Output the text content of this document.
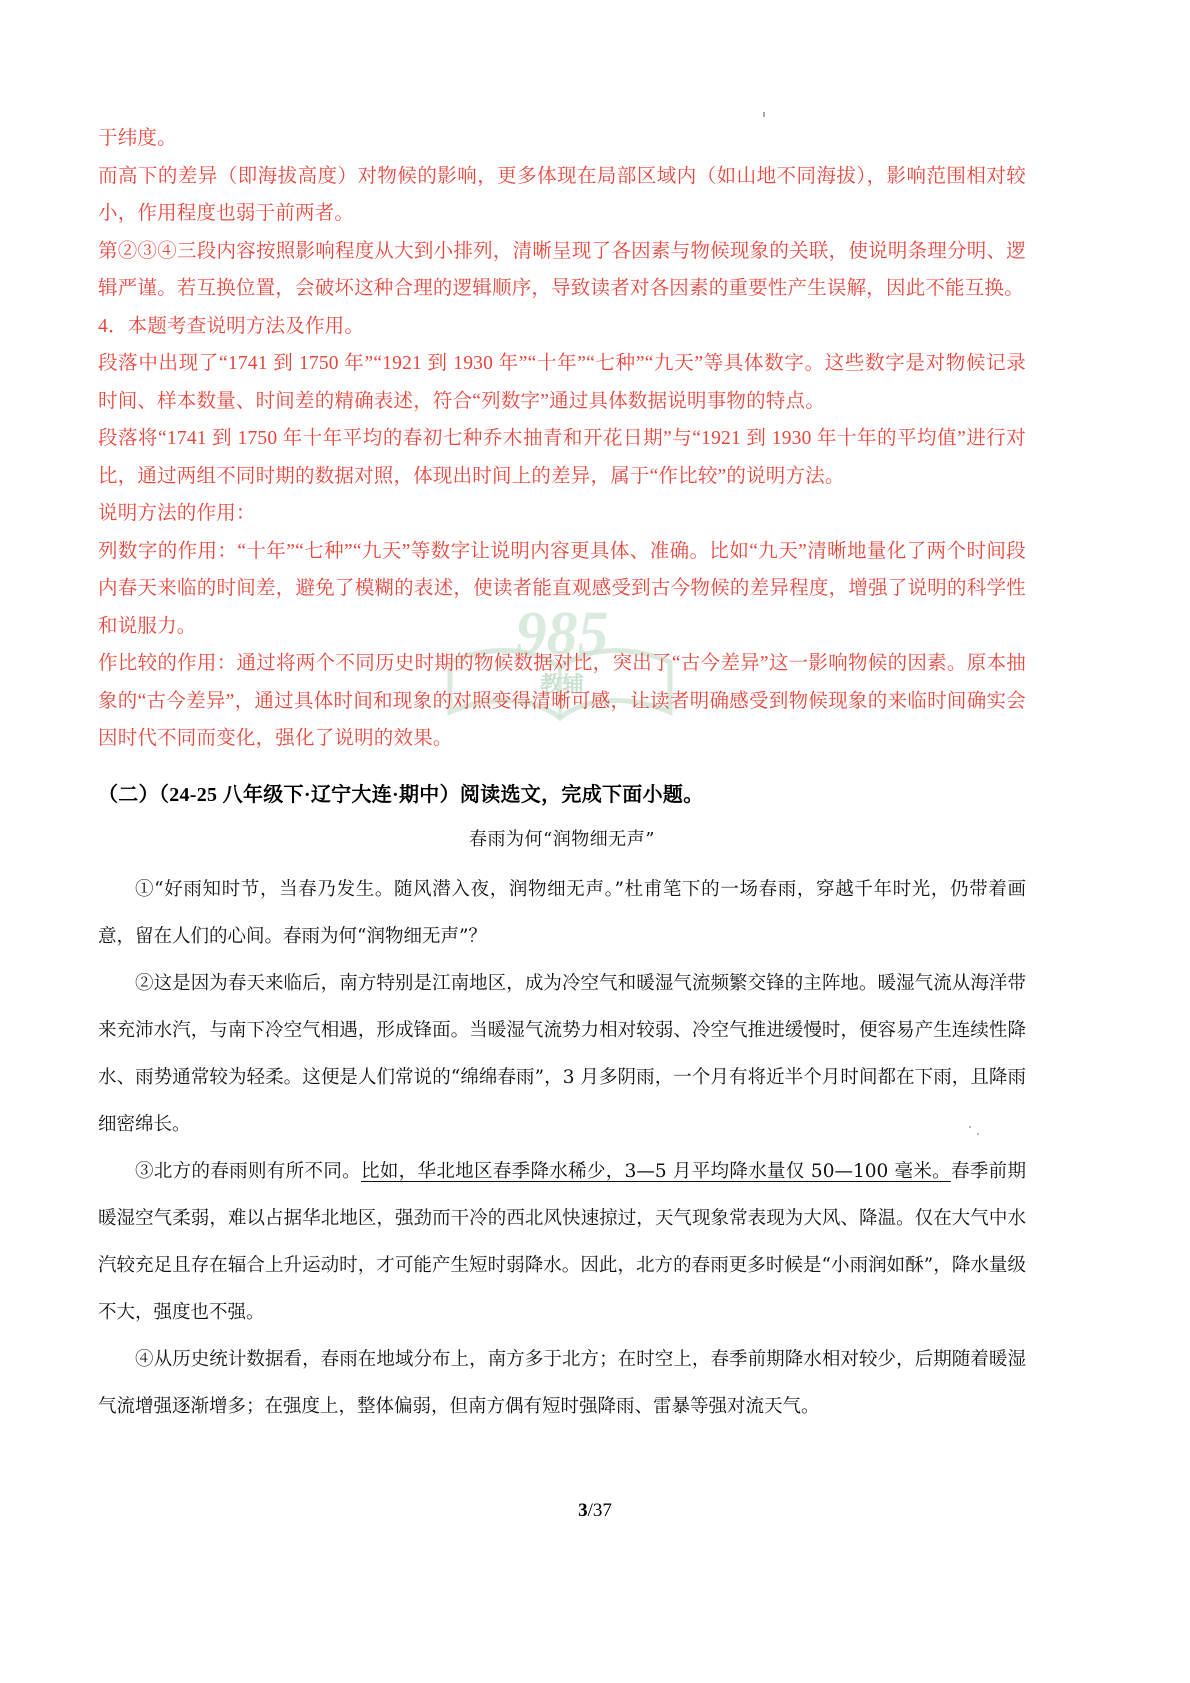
985
教辅

于纬度。

而高下的差异（即海拔高度）对物候的影响，更多体现在局部区域内（如山地不同海拔），影响范围相对较小，作用程度也弱于前两者。

第②③④三段内容按照影响程度从大到小排列，清晰呈现了各因素与物候现象的关联，使说明条理分明、逻辑严谨。若互换位置，会破坏这种合理的逻辑顺序，导致读者对各因素的重要性产生误解，因此不能互换。

4．本题考查说明方法及作用。

段落中出现了“1741 到 1750 年”“1921 到 1930 年”“十年”“七种”“九天”等具体数字。这些数字是对物候记录时间、样本数量、时间差的精确表述，符合“列数字”通过具体数据说明事物的特点。

段落将“1741 到 1750 年十年平均的春初七种乔木抽青和开花日期”与“1921 到 1930 年十年的平均值”进行对比，通过两组不同时期的数据对照，体现出时间上的差异，属于“作比较”的说明方法。

说明方法的作用：

列数字的作用：“十年”“七种”“九天”等数字让说明内容更具体、准确。比如“九天”清晰地量化了两个时间段内春天来临的时间差，避免了模糊的表述，使读者能直观感受到古今物候的差异程度，增强了说明的科学性和说服力。

作比较的作用：通过将两个不同历史时期的物候数据对比，突出了“古今差异”这一影响物候的因素。原本抽象的“古今差异”，通过具体时间和现象的对照变得清晰可感，让读者明确感受到物候现象的来临时间确实会因时代不同而变化，强化了说明的效果。

（二）（24-25 八年级下·辽宁大连·期中）阅读选文，完成下面小题。
春雨为何“润物细无声”

①“好雨知时节，当春乃发生。随风潜入夜，润物细无声。”杜甫笔下的一场春雨，穿越千年时光，仍带着画意，留在人们的心间。春雨为何“润物细无声”？

②这是因为春天来临后，南方特别是江南地区，成为冷空气和暖湿气流频繁交锋的主阵地。暖湿气流从海洋带来充沛水汽，与南下冷空气相遇，形成锋面。当暖湿气流势力相对较弱、冷空气推进缓慢时，便容易产生连续性降水、雨势通常较为轻柔。这便是人们常说的“绵绵春雨”，3 月多阴雨，一个月有将近半个月时间都在下雨，且降雨细密绵长。

③北方的春雨则有所不同。比如，华北地区春季降水稀少，3—5 月平均降水量仅 50—100 毫米。春季前期暖湿空气柔弱，难以占据华北地区，强劲而干冷的西北风快速掠过，天气现象常表现为大风、降温。仅在大气中水汽较充足且存在辐合上升运动时，才可能产生短时弱降水。因此，北方的春雨更多时候是“小雨润如酥”，降水量级不大，强度也不强。

④从历史统计数据看，春雨在地域分布上，南方多于北方；在时空上，春季前期降水相对较少，后期随着暖湿气流增强逐渐增多；在强度上，整体偏弱，但南方偶有短时强降雨、雷暴等强对流天气。

3/37
